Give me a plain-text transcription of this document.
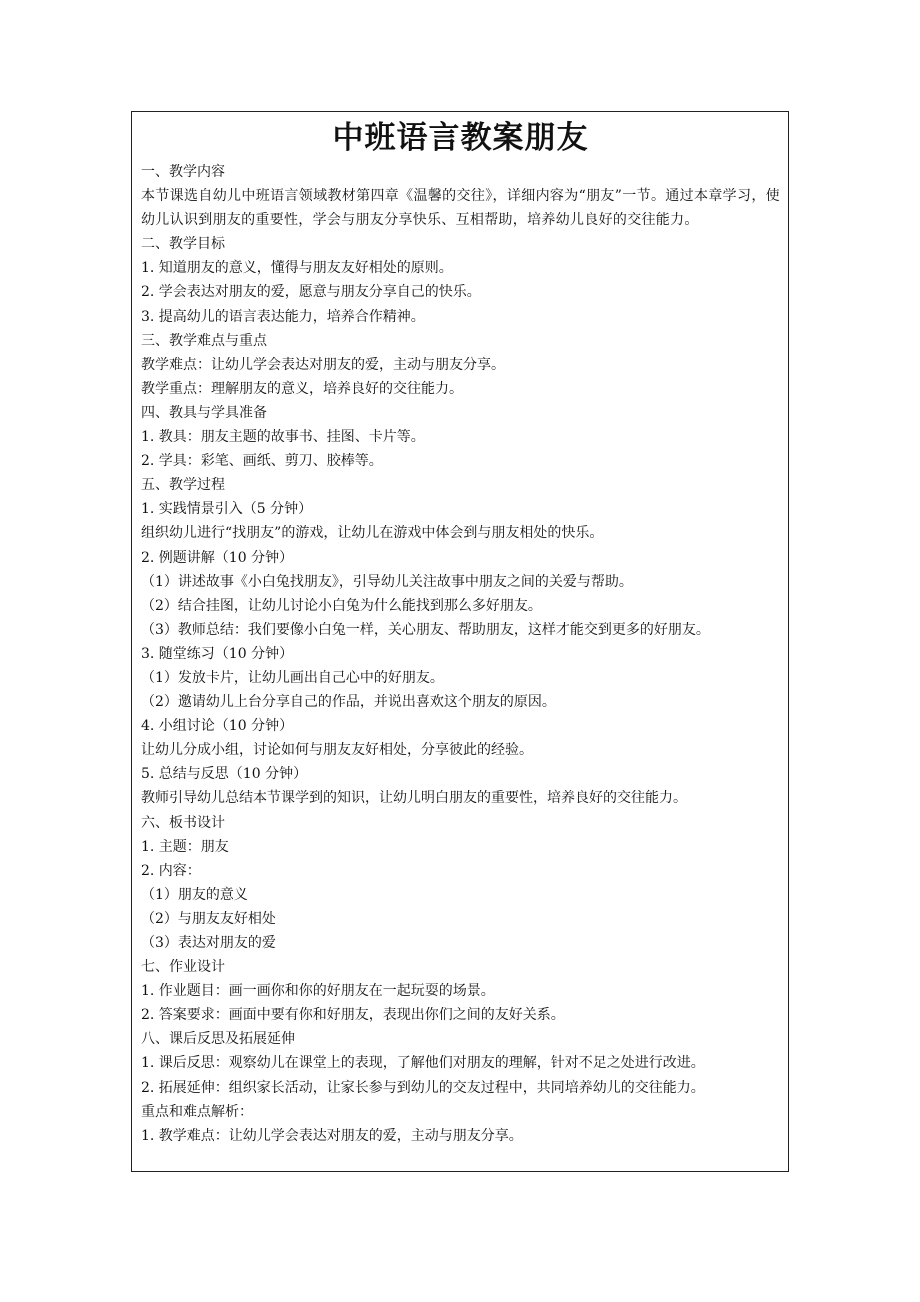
中班语言教案朋友
一、教学内容
本节课选自幼儿中班语言领域教材第四章《温馨的交往》，详细内容为“朋友”一节。通过本章学习，使幼儿认识到朋友的重要性，学会与朋友分享快乐、互相帮助，培养幼儿良好的交往能力。
二、教学目标
1. 知道朋友的意义，懂得与朋友友好相处的原则。
2. 学会表达对朋友的爱，愿意与朋友分享自己的快乐。
3. 提高幼儿的语言表达能力，培养合作精神。
三、教学难点与重点
教学难点：让幼儿学会表达对朋友的爱，主动与朋友分享。
教学重点：理解朋友的意义，培养良好的交往能力。
四、教具与学具准备
1. 教具：朋友主题的故事书、挂图、卡片等。
2. 学具：彩笔、画纸、剪刀、胶棒等。
五、教学过程
1. 实践情景引入（5 分钟）
组织幼儿进行“找朋友”的游戏，让幼儿在游戏中体会到与朋友相处的快乐。
2. 例题讲解（10 分钟）
（1）讲述故事《小白兔找朋友》，引导幼儿关注故事中朋友之间的关爱与帮助。
（2）结合挂图，让幼儿讨论小白兔为什么能找到那么多好朋友。
（3）教师总结：我们要像小白兔一样，关心朋友、帮助朋友，这样才能交到更多的好朋友。
3. 随堂练习（10 分钟）
（1）发放卡片，让幼儿画出自己心中的好朋友。
（2）邀请幼儿上台分享自己的作品，并说出喜欢这个朋友的原因。
4. 小组讨论（10 分钟）
让幼儿分成小组，讨论如何与朋友友好相处，分享彼此的经验。
5. 总结与反思（10 分钟）
教师引导幼儿总结本节课学到的知识，让幼儿明白朋友的重要性，培养良好的交往能力。
六、板书设计
1. 主题：朋友
2. 内容：
（1）朋友的意义
（2）与朋友友好相处
（3）表达对朋友的爱
七、作业设计
1. 作业题目：画一画你和你的好朋友在一起玩耍的场景。
2. 答案要求：画面中要有你和好朋友，表现出你们之间的友好关系。
八、课后反思及拓展延伸
1. 课后反思：观察幼儿在课堂上的表现，了解他们对朋友的理解，针对不足之处进行改进。
2. 拓展延伸：组织家长活动，让家长参与到幼儿的交友过程中，共同培养幼儿的交往能力。
重点和难点解析：
1. 教学难点：让幼儿学会表达对朋友的爱，主动与朋友分享。
